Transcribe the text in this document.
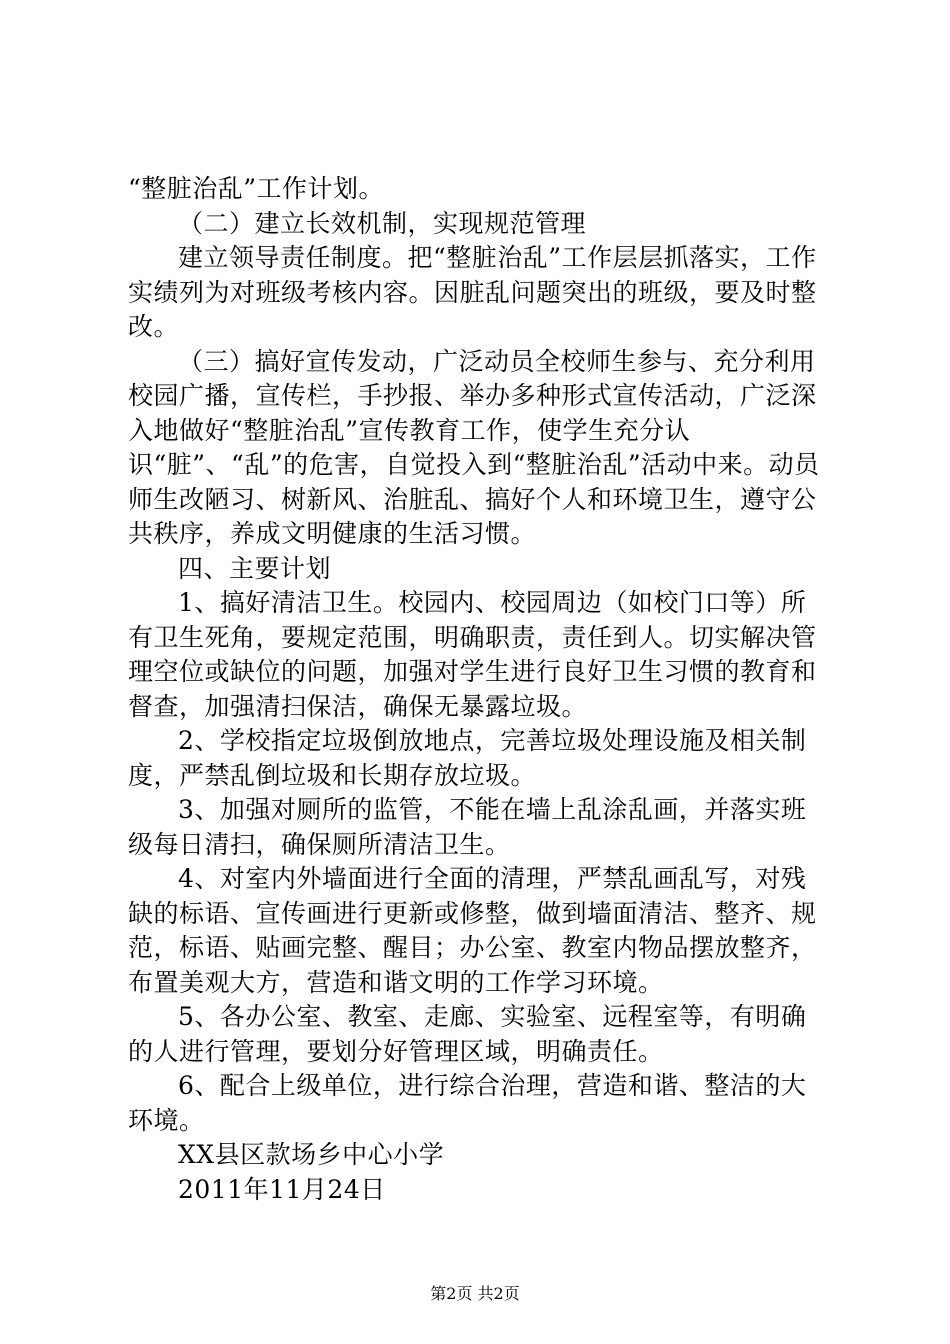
“整脏治乱”工作计划。

（二）建立长效机制，实现规范管理

建立领导责任制度。把“整脏治乱”工作层层抓落实，工作实绩列为对班级考核内容。因脏乱问题突出的班级，要及时整改。

（三）搞好宣传发动，广泛动员全校师生参与、充分利用校园广播，宣传栏，手抄报、举办多种形式宣传活动，广泛深入地做好“整脏治乱”宣传教育工作，使学生充分认识“脏”、“乱”的危害，自觉投入到“整脏治乱”活动中来。动员师生改陋习、树新风、治脏乱、搞好个人和环境卫生，遵守公共秩序，养成文明健康的生活习惯。

四、主要计划

1、搞好清洁卫生。校园内、校园周边（如校门口等）所有卫生死角，要规定范围，明确职责，责任到人。切实解决管理空位或缺位的问题，加强对学生进行良好卫生习惯的教育和督查，加强清扫保洁，确保无暴露垃圾。

2、学校指定垃圾倒放地点，完善垃圾处理设施及相关制度，严禁乱倒垃圾和长期存放垃圾。

3、加强对厕所的监管，不能在墙上乱涂乱画，并落实班级每日清扫，确保厕所清洁卫生。

4、对室内外墙面进行全面的清理，严禁乱画乱写，对残缺的标语、宣传画进行更新或修整，做到墙面清洁、整齐、规范，标语、贴画完整、醒目；办公室、教室内物品摆放整齐，布置美观大方，营造和谐文明的工作学习环境。

5、各办公室、教室、走廊、实验室、远程室等，有明确的人进行管理，要划分好管理区域，明确责任。

6、配合上级单位，进行综合治理，营造和谐、整洁的大环境。

XX县区款场乡中心小学

2011年11月24日

第2页 共2页
